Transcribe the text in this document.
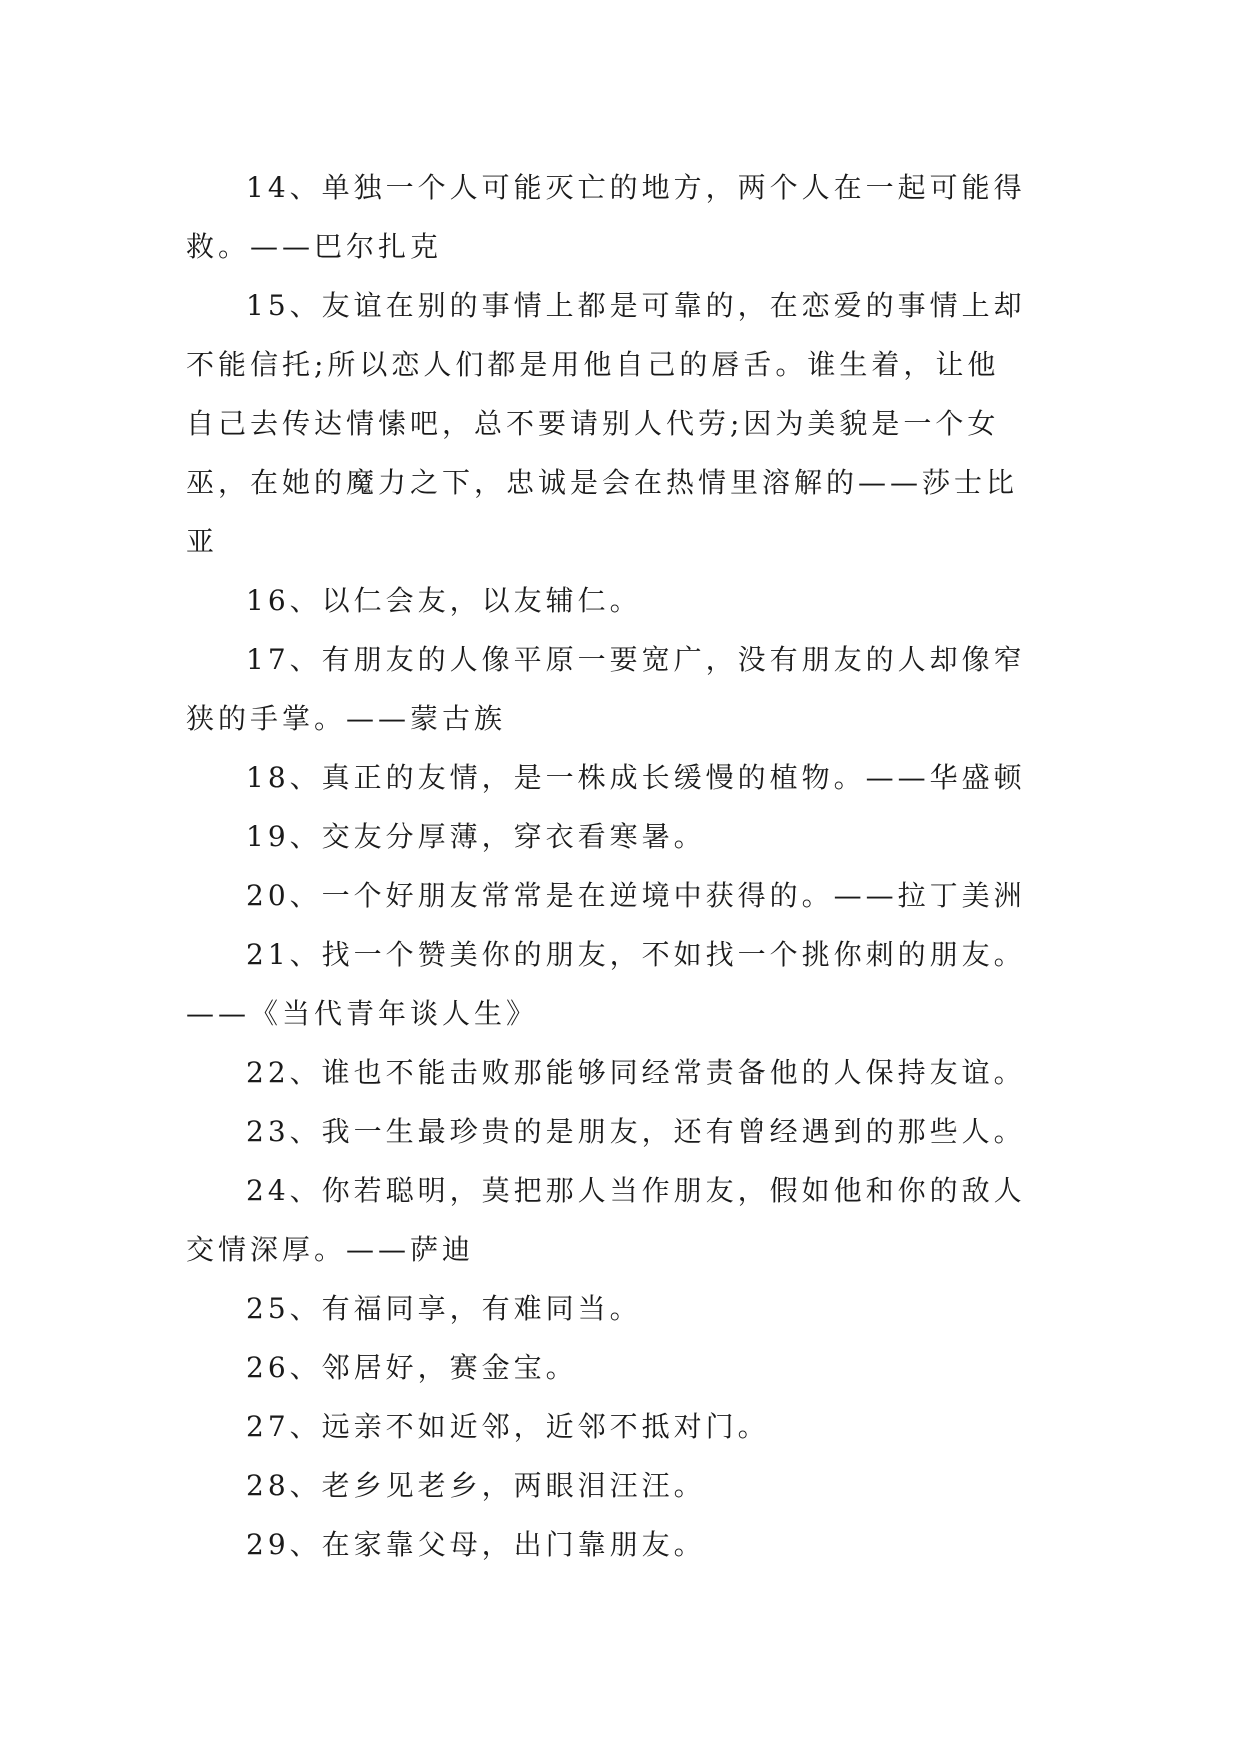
14、单独一个人可能灭亡的地方，两个人在一起可能得
救。——巴尔扎克
15、友谊在别的事情上都是可靠的，在恋爱的事情上却
不能信托;所以恋人们都是用他自己的唇舌。谁生着，让他
自己去传达情愫吧，总不要请别人代劳;因为美貌是一个女
巫，在她的魔力之下，忠诚是会在热情里溶解的——莎士比
亚
16、以仁会友，以友辅仁。
17、有朋友的人像平原一要宽广，没有朋友的人却像窄
狭的手掌。——蒙古族
18、真正的友情，是一株成长缓慢的植物。——华盛顿
19、交友分厚薄，穿衣看寒暑。
20、一个好朋友常常是在逆境中获得的。——拉丁美洲
21、找一个赞美你的朋友，不如找一个挑你刺的朋友。
——《当代青年谈人生》
22、谁也不能击败那能够同经常责备他的人保持友谊。
23、我一生最珍贵的是朋友，还有曾经遇到的那些人。
24、你若聪明，莫把那人当作朋友，假如他和你的敌人
交情深厚。——萨迪
25、有福同享，有难同当。
26、邻居好，赛金宝。
27、远亲不如近邻，近邻不抵对门。
28、老乡见老乡，两眼泪汪汪。
29、在家靠父母，出门靠朋友。
